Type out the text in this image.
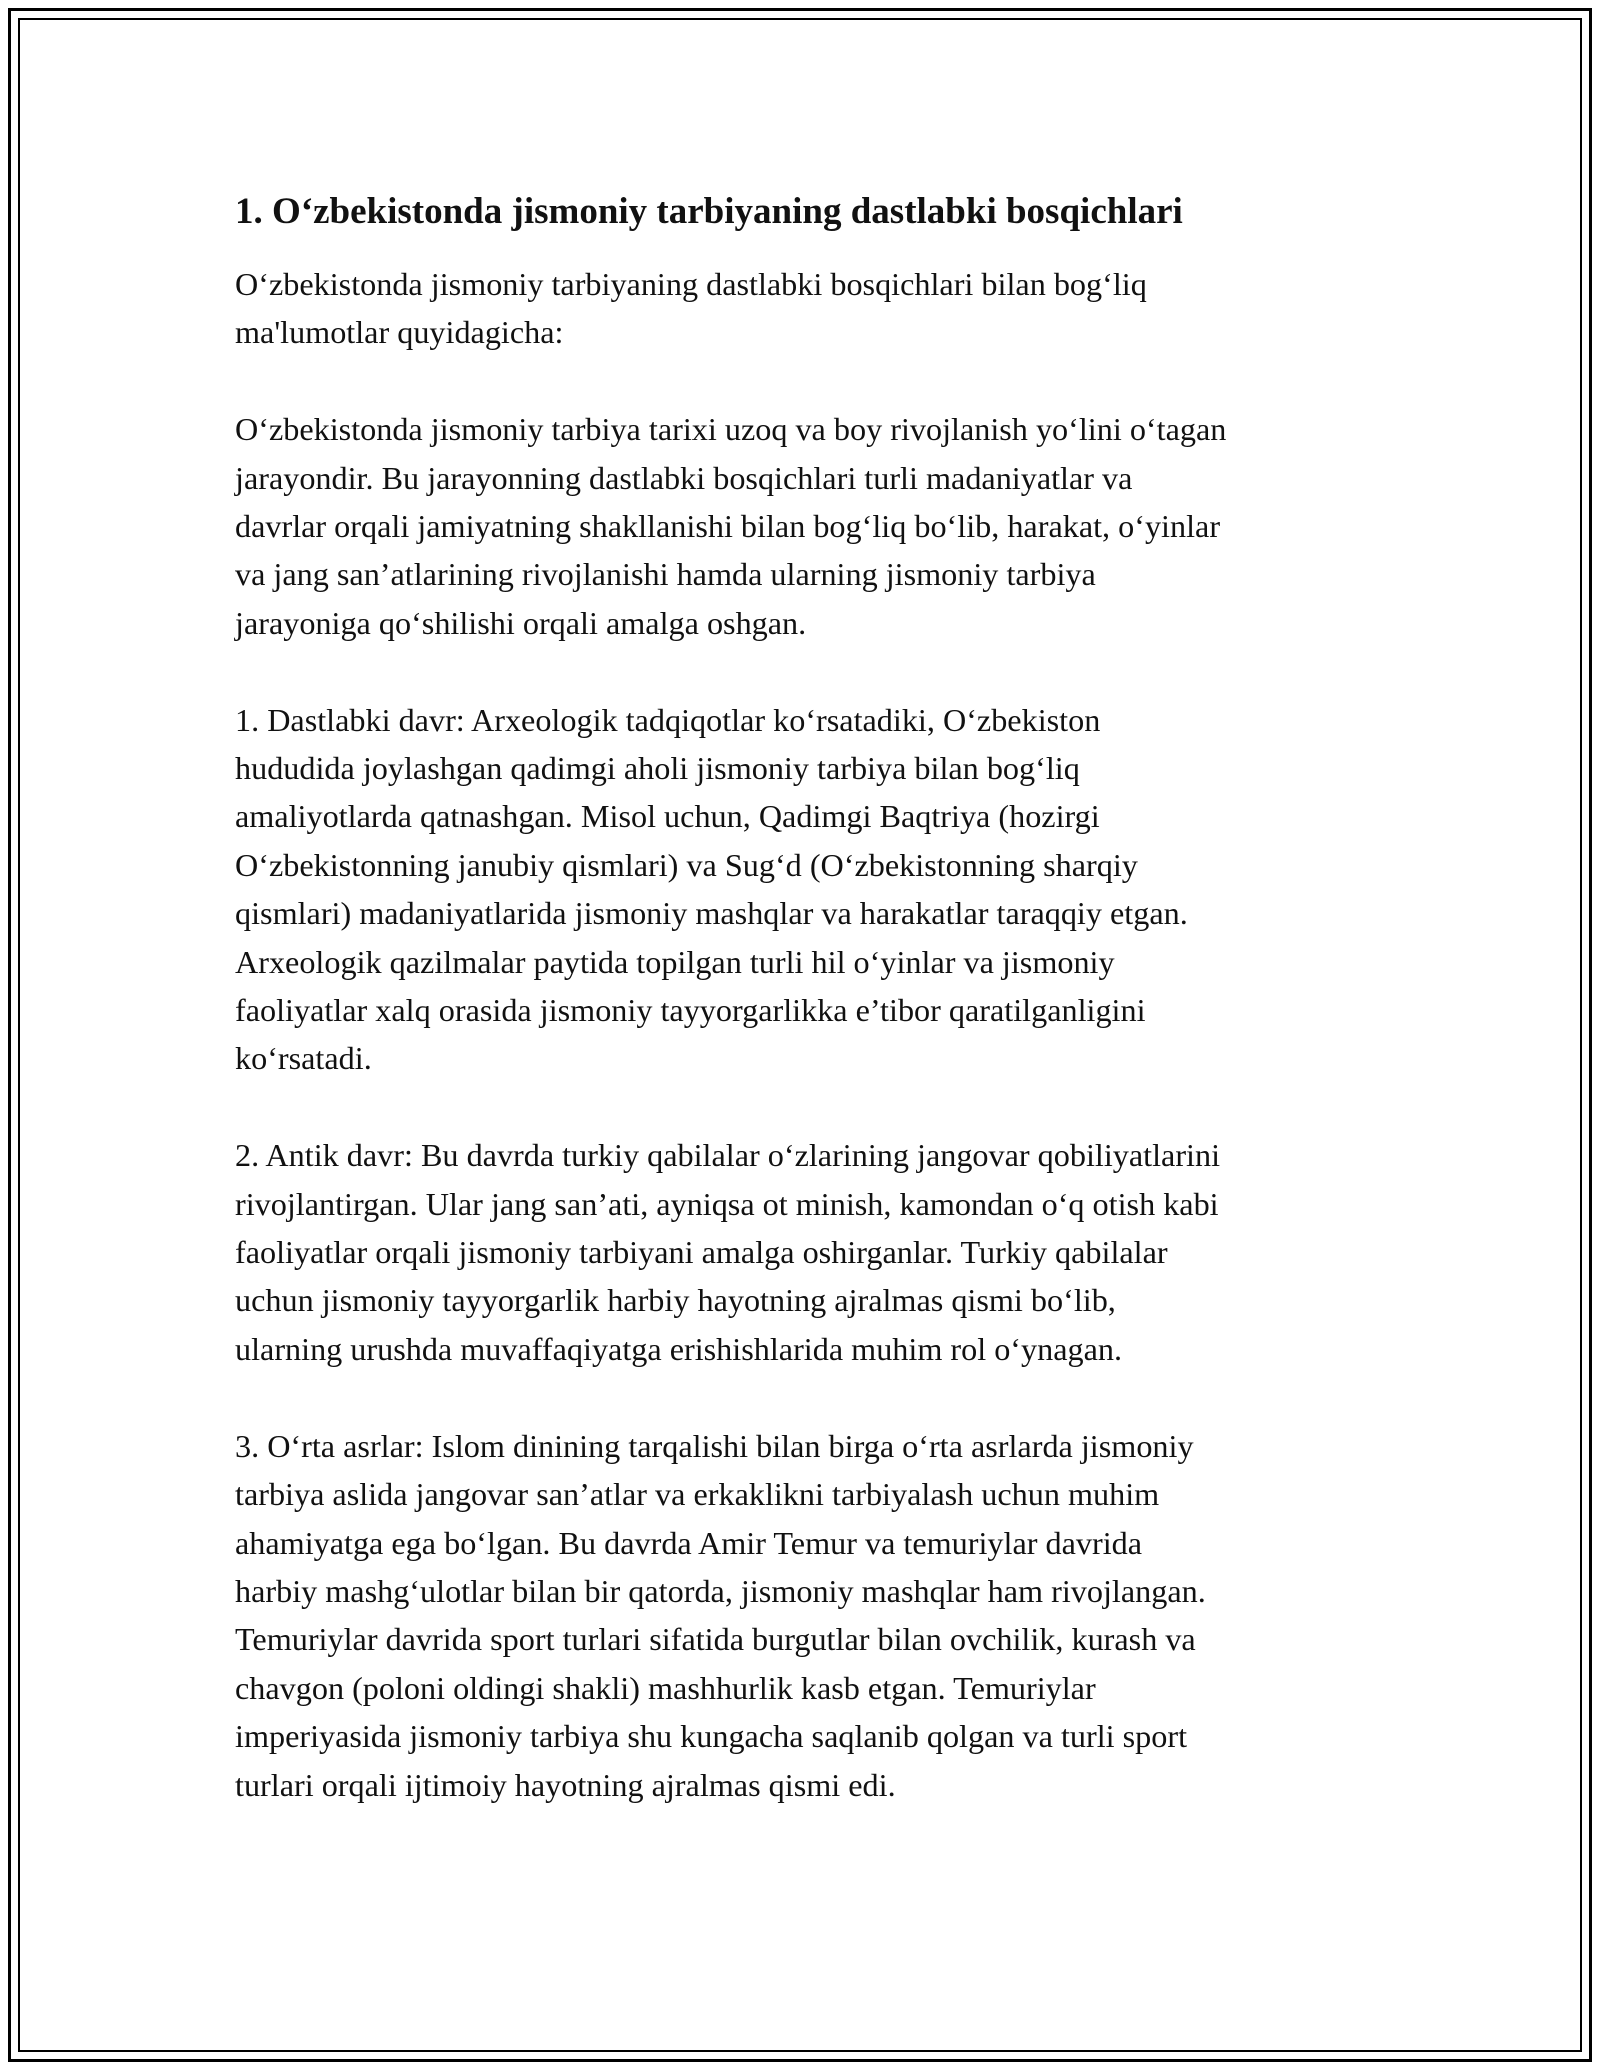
1. O‘zbekistonda jismoniy tarbiyaning dastlabki bosqichlari

O‘zbekistonda jismoniy tarbiyaning dastlabki bosqichlari bilan bog‘liq
ma'lumotlar quyidagicha:

O‘zbekistonda jismoniy tarbiya tarixi uzoq va boy rivojlanish yo‘lini o‘tagan
jarayondir. Bu jarayonning dastlabki bosqichlari turli madaniyatlar va
davrlar orqali jamiyatning shakllanishi bilan bog‘liq bo‘lib, harakat, o‘yinlar
va jang san’atlarining rivojlanishi hamda ularning jismoniy tarbiya
jarayoniga qo‘shilishi orqali amalga oshgan.

1. Dastlabki davr: Arxeologik tadqiqotlar ko‘rsatadiki, O‘zbekiston
hududida joylashgan qadimgi aholi jismoniy tarbiya bilan bog‘liq
amaliyotlarda qatnashgan. Misol uchun, Qadimgi Baqtriya (hozirgi
O‘zbekistonning janubiy qismlari) va Sug‘d (O‘zbekistonning sharqiy
qismlari) madaniyatlarida jismoniy mashqlar va harakatlar taraqqiy etgan.
Arxeologik qazilmalar paytida topilgan turli hil o‘yinlar va jismoniy
faoliyatlar xalq orasida jismoniy tayyorgarlikka e’tibor qaratilganligini
ko‘rsatadi.

2. Antik davr: Bu davrda turkiy qabilalar o‘zlarining jangovar qobiliyatlarini
rivojlantirgan. Ular jang san’ati, ayniqsa ot minish, kamondan o‘q otish kabi
faoliyatlar orqali jismoniy tarbiyani amalga oshirganlar. Turkiy qabilalar
uchun jismoniy tayyorgarlik harbiy hayotning ajralmas qismi bo‘lib,
ularning urushda muvaffaqiyatga erishishlarida muhim rol o‘ynagan.

3. O‘rta asrlar: Islom dinining tarqalishi bilan birga o‘rta asrlarda jismoniy
tarbiya aslida jangovar san’atlar va erkaklikni tarbiyalash uchun muhim
ahamiyatga ega bo‘lgan. Bu davrda Amir Temur va temuriylar davrida
harbiy mashg‘ulotlar bilan bir qatorda, jismoniy mashqlar ham rivojlangan.
Temuriylar davrida sport turlari sifatida burgutlar bilan ovchilik, kurash va
chavgon (poloni oldingi shakli) mashhurlik kasb etgan. Temuriylar
imperiyasida jismoniy tarbiya shu kungacha saqlanib qolgan va turli sport
turlari orqali ijtimoiy hayotning ajralmas qismi edi.
